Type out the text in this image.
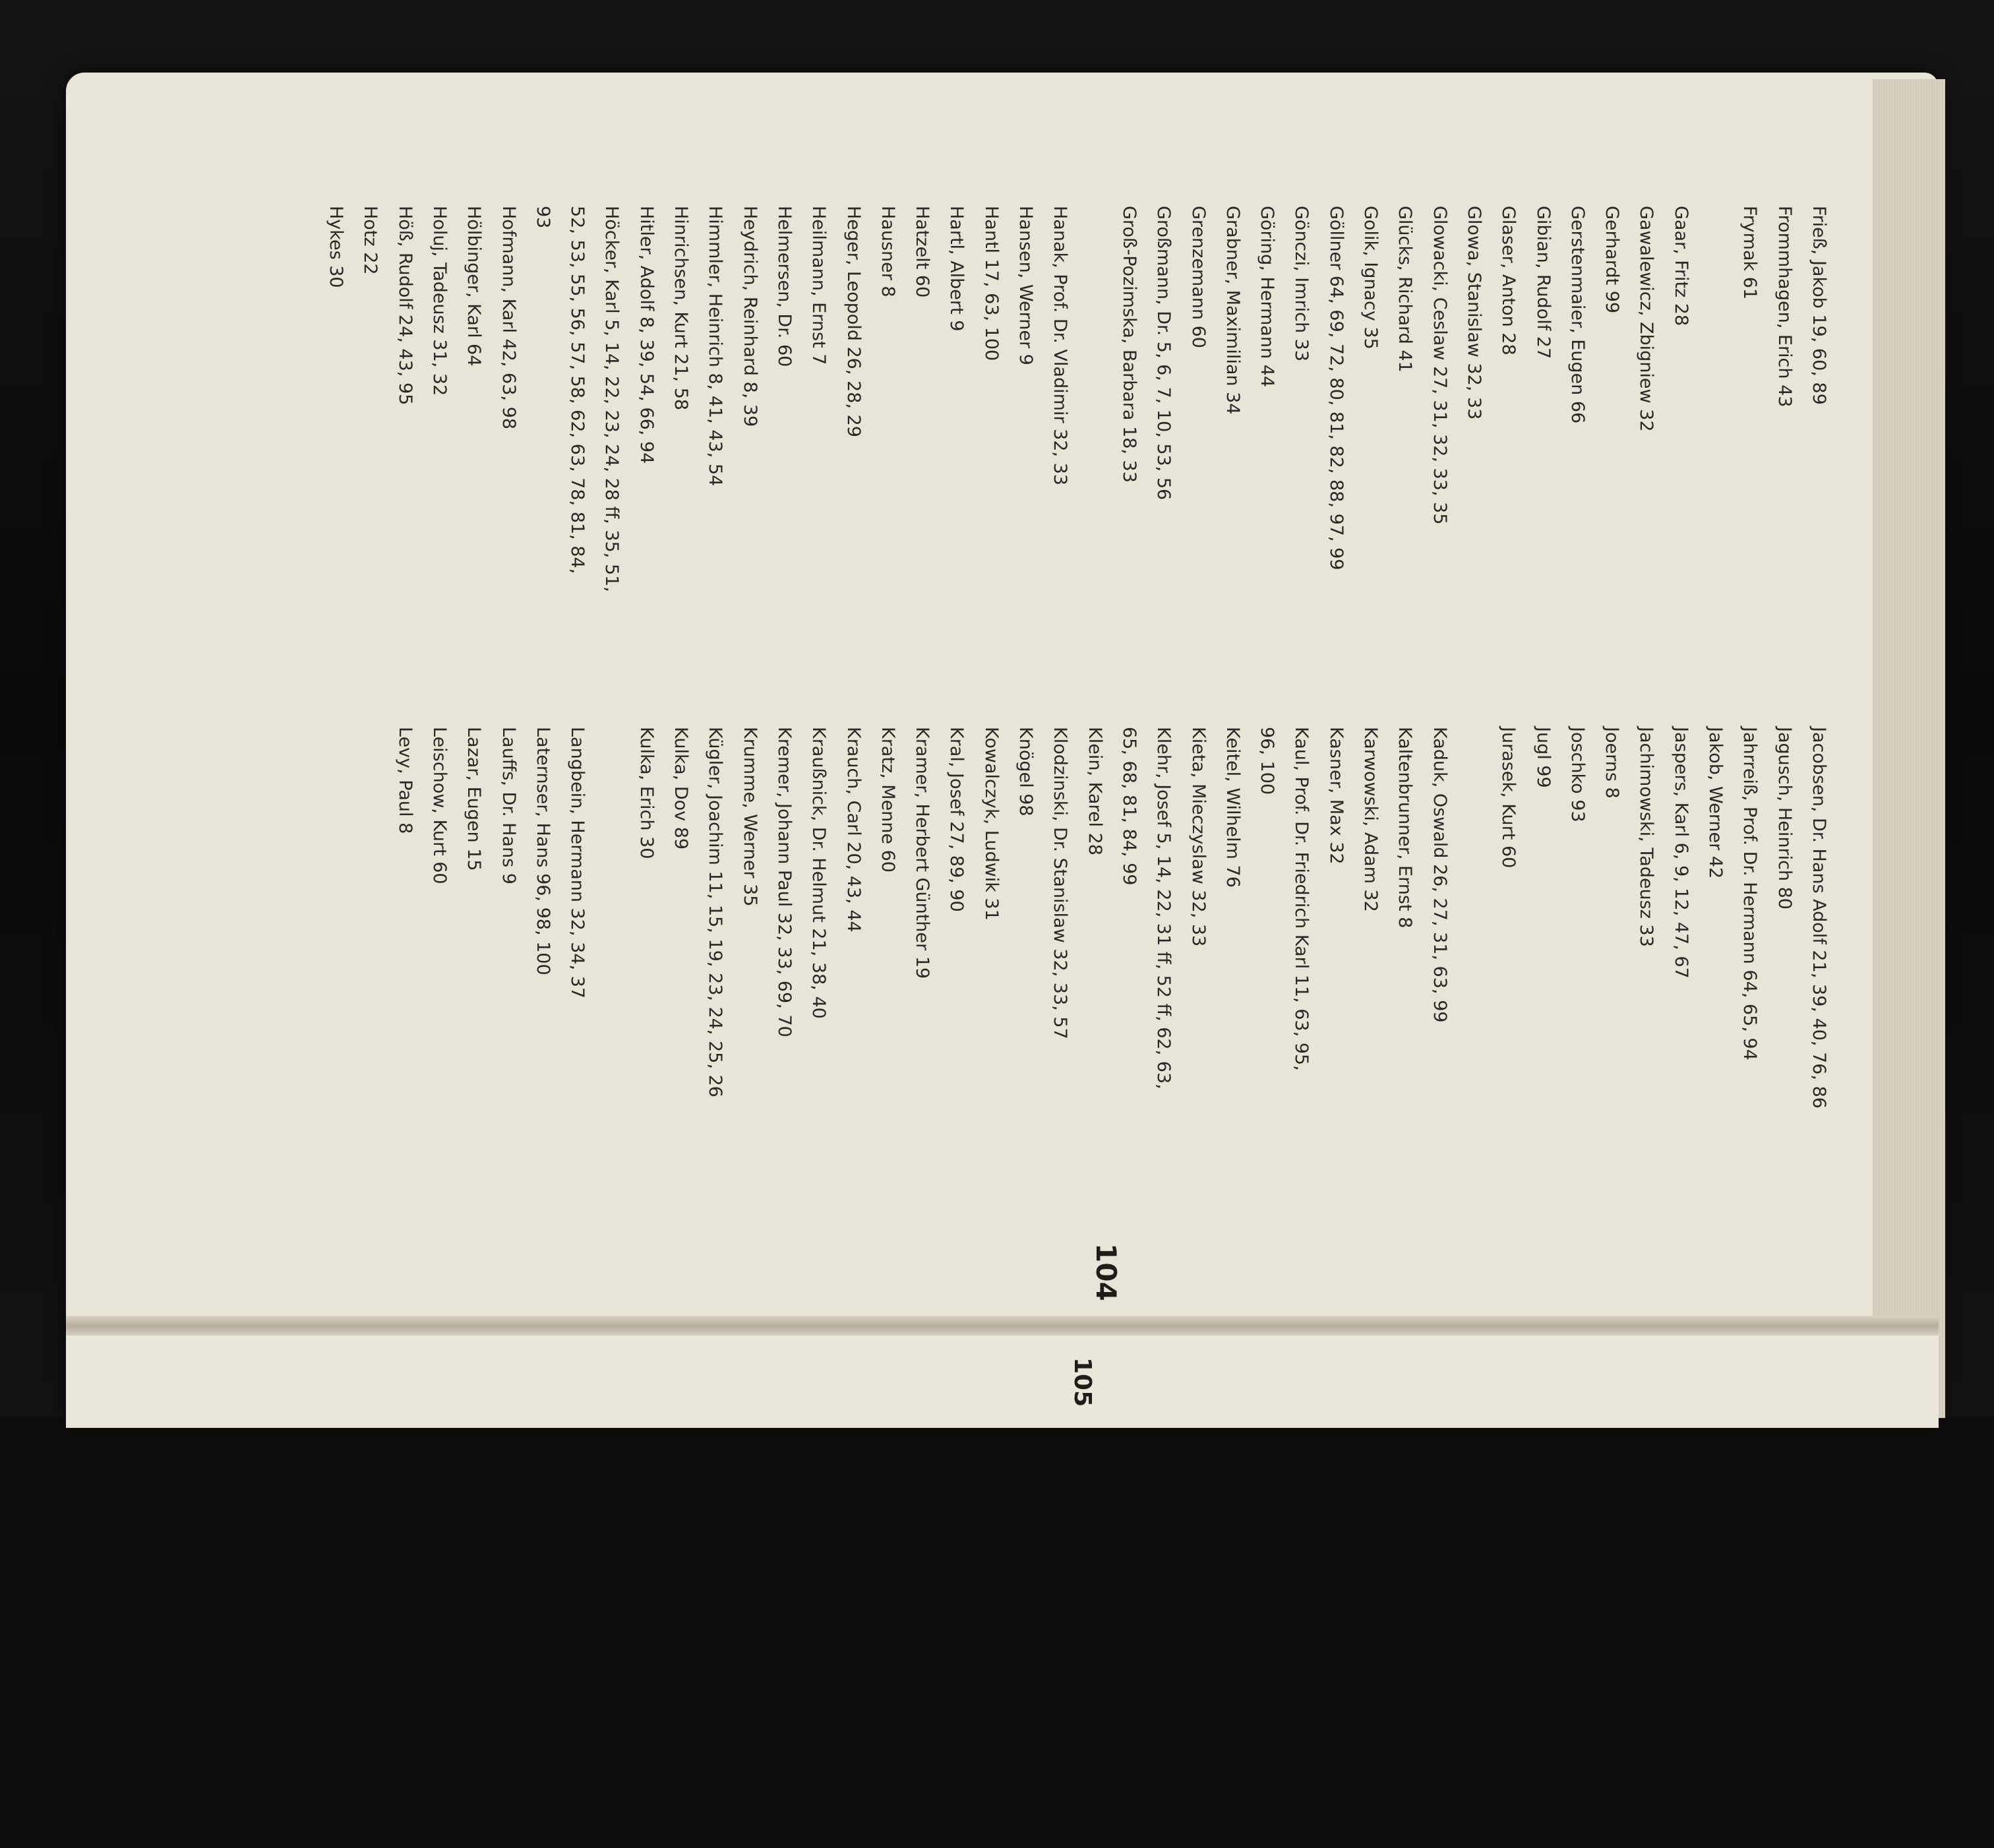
Frieß, Jakob 19, 60, 89
Frommhagen, Erich 43
Frymak 61
Gaar, Fritz 28
Gawalewicz, Zbigniew 32
Gerhardt 99
Gerstenmaier, Eugen 66
Gibian, Rudolf 27
Glaser, Anton 28
Glowa, Stanislaw 32, 33
Glowacki, Ceslaw 27, 31, 32, 33, 35
Glücks, Richard 41
Golik, Ignacy 35
Göllner 64, 69, 72, 80, 81, 82, 88, 97, 99
Gönczi, Imrich 33
Göring, Hermann 44
Grabner, Maximilian 34
Grenzemann 60
Großmann, Dr. 5, 6, 7, 10, 53, 56
Groß-Pozimska, Barbara 18, 33
Hanak, Prof. Dr. Vladimir 32, 33
Hansen, Werner 9
Hantl 17, 63, 100
Hartl, Albert 9
Hatzelt 60
Hausner 8
Heger, Leopold 26, 28, 29
Heilmann, Ernst 7
Helmersen, Dr. 60
Heydrich, Reinhard 8, 39
Himmler, Heinrich 8, 41, 43, 54
Hinrichsen, Kurt 21, 58
Hitler, Adolf 8, 39, 54, 66, 94
Höcker, Karl 5, 14, 22, 23, 24, 28 ff, 35, 51,
52, 53, 55, 56, 57, 58, 62, 63, 78, 81, 84,
93
Hofmann, Karl 42, 63, 98
Hölbinger, Karl 64
Holuj, Tadeusz 31, 32
Höß, Rudolf 24, 43, 95
Hotz 22
Hykes 30
Jacobsen, Dr. Hans Adolf 21, 39, 40, 76, 86
Jagusch, Heinrich 80
Jahrreiß, Prof. Dr. Hermann 64, 65, 94
Jakob, Werner 42
Jaspers, Karl 6, 9, 12, 47, 67
Jachimowski, Tadeusz 33
Joerns 8
Joschko 93
Jugl 99
Jurasek, Kurt 60
Kaduk, Oswald 26, 27, 31, 63, 99
Kaltenbrunner, Ernst 8
Karwowski, Adam 32
Kasner, Max 32
Kaul, Prof. Dr. Friedrich Karl 11, 63, 95,
96, 100
Keitel, Wilhelm 76
Kieta, Mieczyslaw 32, 33
Klehr, Josef 5, 14, 22, 31 ff, 52 ff, 62, 63,
65, 68, 81, 84, 99
Klein, Karel 28
Klodzinski, Dr. Stanislaw 32, 33, 57
Knögel 98
Kowalczyk, Ludwik 31
Kral, Josef 27, 89, 90
Kramer, Herbert Günther 19
Kratz, Menne 60
Krauch, Carl 20, 43, 44
Kraußnick, Dr. Helmut 21, 38, 40
Kremer, Johann Paul 32, 33, 69, 70
Krumme, Werner 35
Kügler, Joachim 11, 15, 19, 23, 24, 25, 26
Kulka, Dov 89
Kulka, Erich 30
Langbein, Hermann 32, 34, 37
Laternser, Hans 96, 98, 100
Lauffs, Dr. Hans 9
Lazar, Eugen 15
Leischow, Kurt 60
Levy, Paul 8
104
105
